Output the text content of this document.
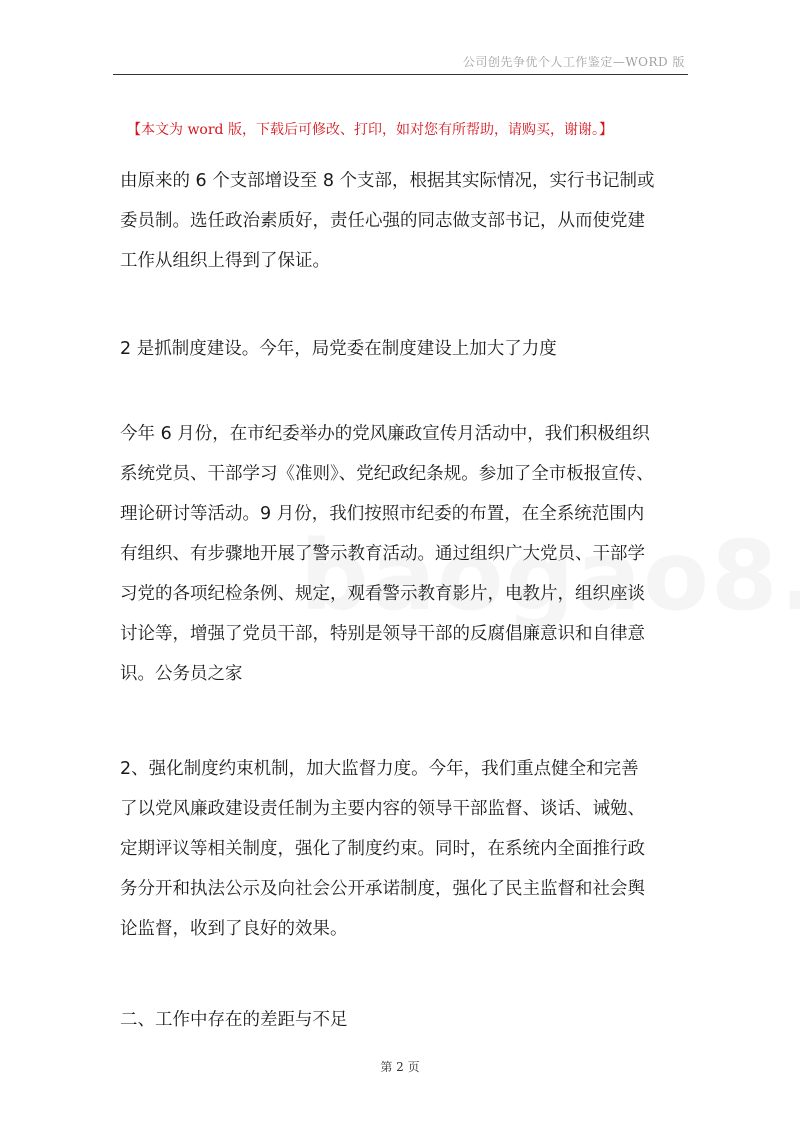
公司创先争优个人工作鉴定—WORD 版
【本文为 word 版，下载后可修改、打印，如对您有所帮助，请购买，谢谢。】
由原来的 6 个支部增设至 8 个支部，根据其实际情况，实行书记制或
委员制。选任政治素质好，责任心强的同志做支部书记，从而使党建
工作从组织上得到了保证。
2 是抓制度建设。今年，局党委在制度建设上加大了力度
今年 6 月份，在市纪委举办的党风廉政宣传月活动中，我们积极组织
系统党员、干部学习《准则》、党纪政纪条规。参加了全市板报宣传、
理论研讨等活动。9 月份，我们按照市纪委的布置，在全系统范围内
有组织、有步骤地开展了警示教育活动。通过组织广大党员、干部学
习党的各项纪检条例、规定，观看警示教育影片，电教片，组织座谈
讨论等，增强了党员干部，特别是领导干部的反腐倡廉意识和自律意
识。公务员之家
2、强化制度约束机制，加大监督力度。今年，我们重点健全和完善
了以党风廉政建设责任制为主要内容的领导干部监督、谈话、诫勉、
定期评议等相关制度，强化了制度约束。同时，在系统内全面推行政
务分开和执法公示及向社会公开承诺制度，强化了民主监督和社会舆
论监督，收到了良好的效果。
二、工作中存在的差距与不足
第 2 页
